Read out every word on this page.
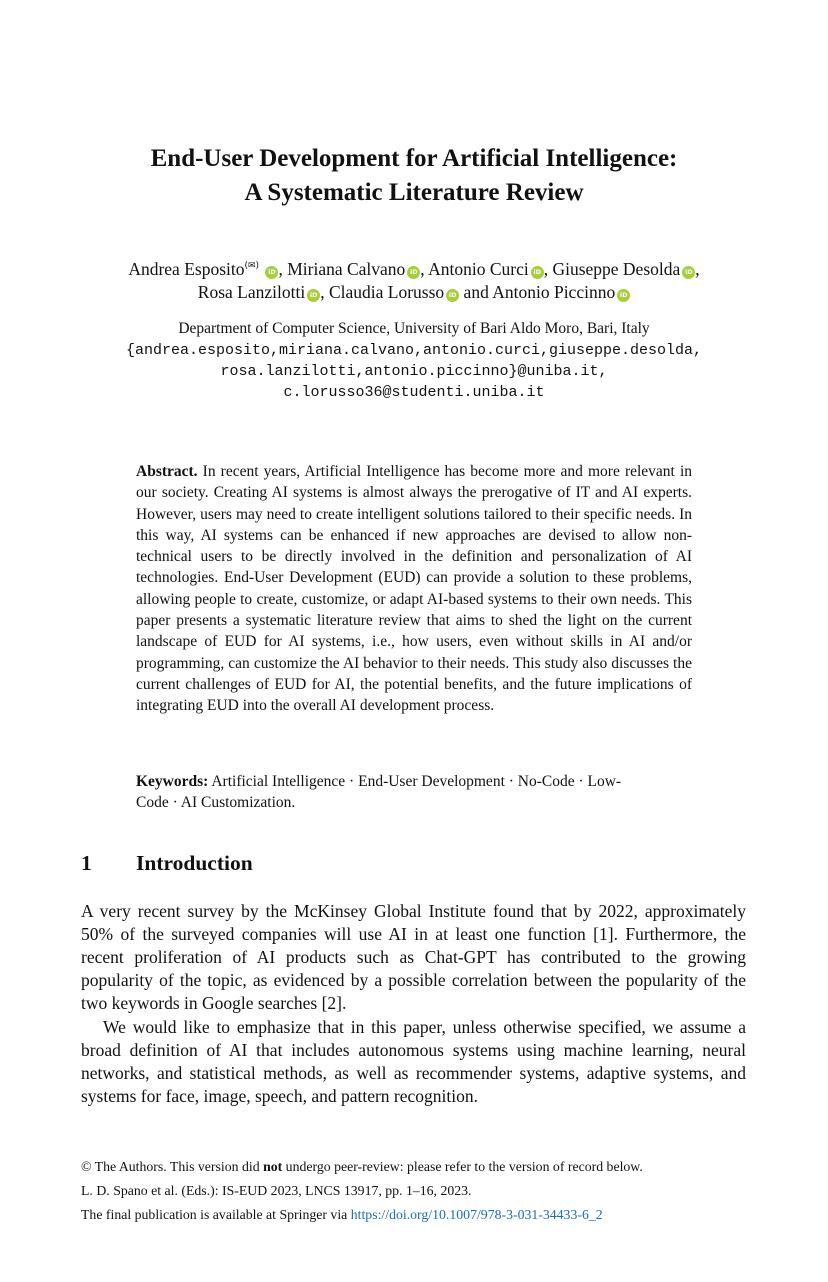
End-User Development for Artificial Intelligence:
A Systematic Literature Review
Andrea Esposito(✉) iD , Miriana Calvano iD , Antonio Curci iD , Giuseppe Desolda iD ,
Rosa Lanzilotti iD , Claudia Lorusso iD and Antonio Piccinno iD
Department of Computer Science, University of Bari Aldo Moro, Bari, Italy
{andrea.esposito,miriana.calvano,antonio.curci,giuseppe.desolda,
rosa.lanzilotti,antonio.piccinno}@uniba.it,
c.lorusso36@studenti.uniba.it
Abstract. In recent years, Artificial Intelligence has become more and more relevant in our society. Creating AI systems is almost always the prerogative of IT and AI experts. However, users may need to create intelligent solutions tailored to their specific needs. In this way, AI systems can be enhanced if new approaches are devised to allow non-technical users to be directly involved in the definition and personalization of AI technologies. End-User Development (EUD) can provide a solution to these problems, allowing people to create, customize, or adapt AI-based systems to their own needs. This paper presents a systematic literature review that aims to shed the light on the current landscape of EUD for AI systems, i.e., how users, even without skills in AI and/or programming, can customize the AI behavior to their needs. This study also discusses the current challenges of EUD for AI, the potential benefits, and the future implications of integrating EUD into the overall AI development process.
Keywords: Artificial Intelligence · End-User Development · No-Code · Low-
Code · AI Customization.
1 Introduction
A very recent survey by the McKinsey Global Institute found that by 2022, approximately 50% of the surveyed companies will use AI in at least one function [1]. Furthermore, the recent proliferation of AI products such as Chat-GPT has contributed to the growing popularity of the topic, as evidenced by a possible correlation between the popularity of the two keywords in Google searches [2].
We would like to emphasize that in this paper, unless otherwise specified, we assume a broad definition of AI that includes autonomous systems using machine learning, neural networks, and statistical methods, as well as recommender systems, adaptive systems, and systems for face, image, speech, and pattern recognition.
© The Authors. This version did not undergo peer-review: please refer to the version of record below.
L. D. Spano et al. (Eds.): IS-EUD 2023, LNCS 13917, pp. 1–16, 2023.
The final publication is available at Springer via https://doi.org/10.1007/978-3-031-34433-6_2
